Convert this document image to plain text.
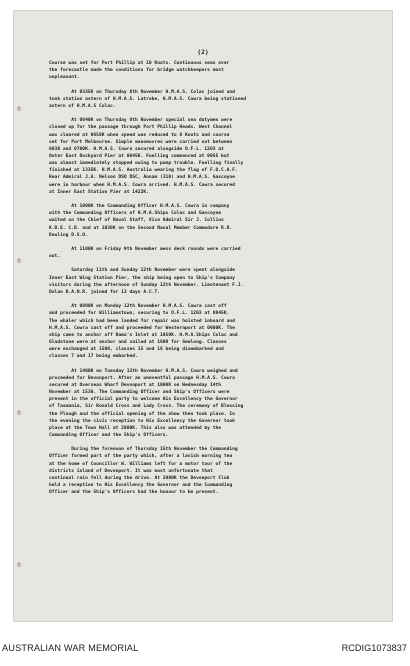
(2)

Course was set for Port Phillip at 10 Knots. Continuous seas over
the forecastle made the conditions for bridge watchkeepers most
unpleasant.

At 0335K on Thursday 8th November H.M.A.S. Colac joined and
took station astern of H.M.A.S. Latrobe, H.M.A.S. Cowra being stationed
astern of H.M.A.S Colac.

At 0640K on Thursday 8th November special sea dutymen were
closed up for the passage through Port Phillip Heads. West Channel
was cleared at 0650K when speed was reduced to 8 Knots and course
set for Port Melbourne. Simple manoeuvres were carried out between
0830 and 0700K. H.M.A.S. Cowra secured alongside O.F.L. 1203 at
Outer East Dockyard Pier at 0845K. Fuelling commenced at 0955 but
was almost immediately stopped owing to pump trouble. Fuelling finally
finished at 1335K. H.M.A.S. Australia wearing the flag of F.O.C.A.F.
Rear Admiral J.A. Nelson DSO DSC, Annam (310) and H.M.A.S. Gascoyne
were in harbour when H.M.A.S. Cowra arrived. H.M.A.S. Cowra secured
at Inner East Station Pier at 1422K.

At 1000K the Commanding Officer H.M.A.S. Cowra in company
with the Commanding Officers of H.M.A.Ships Colac and Gascoyne
waited on the Chief of Naval Staff, Vice Admiral Sir J. Collins
K.B.E. C.B. and at 1030K on the Second Naval Member Commodore R.R.
Dowling D.S.O.

At 1100K on Friday 9th November mess deck rounds were carried
out.

Saturday 11th and Sunday 12th November were spent alongside
Inner East Wing Station Pier, the ship being open to Ship's Company
visitors during the afternoon of Sunday 12th November. Lieutenant F.J.
Dolan R.A.N.R. joined for 13 days A.C.T.

At 0800K on Monday 12th November H.M.A.S. Cowra cast off
and proceeded for Williamstown, securing to O.F.L. 1203 at 0845K.
The whaler which had been landed for repair was hoisted inboard and
H.M.A.S. Cowra cast off and proceeded for Westernport at 0900K. The
ship came to anchor off Rama's Inlet at 1050K. H.M.A.Ships Colac and
Gladstone were at anchor and sailed at 1600 for Geelong. Classes
were exchanged at 1500, classes 15 and 16 being disembarked and
classes 7 and 17 being embarked.

At 1400K on Tuesday 13th November H.M.A.S. Cowra weighed and
proceeded for Devonport. After an uneventful passage H.M.A.S. Cowra
secured at Overseas Wharf Devonport at 1000K on Wednesday 14th
November at 1530. The Commanding Officer and Ship's Officers were
present in the official party to welcome His Excellency the Governor
of Tasmania, Sir Ronald Cross and Lady Cross. The ceremony of Blessing
the Plough and the official opening of the show then took place. In
the evening the civic reception to His Excellency the Governor took
place at the Town Hall at 2000K. This also was attended by the
Commanding Officer and the Ship's Officers.

During the forenoon of Thursday 15th November the Commanding
Officer formed part of the party which, after a lavish morning tea
at the home of Councillor W. Williams left for a motor tour of the
districts inland of Devonport. It was most unfortunate that
continual rain fell during the drive. At 2000K the Devonport Club
held a reception to His Excellency the Governor and the Commanding
Officer and the Ship's Officers had the honour to be present.

AUSTRALIAN WAR MEMORIAL	RCDIG1073837
